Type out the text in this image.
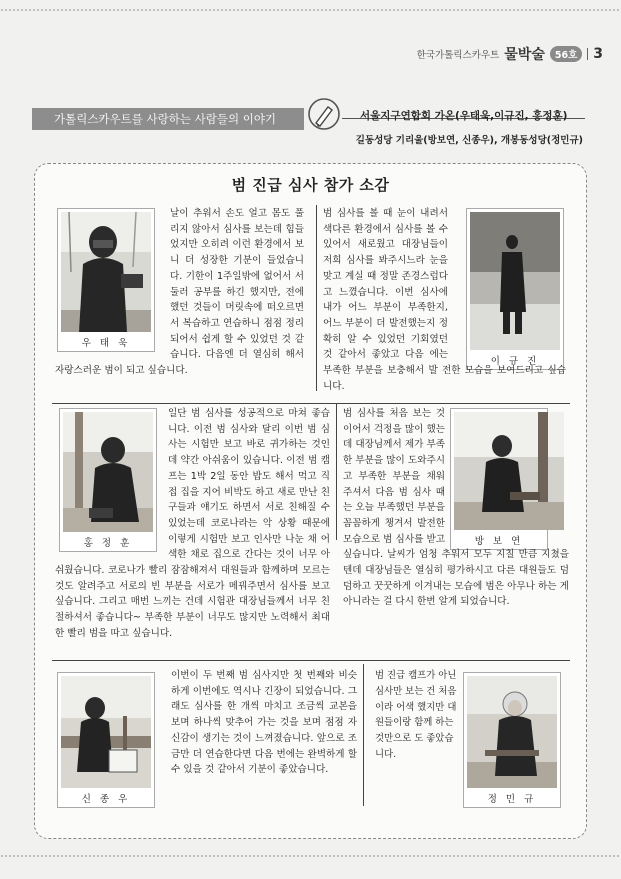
한국가톨릭스카우트 물박술	56호	3
가톨릭스카우트를 사랑하는 사람들의 이야기	서울지구연합회 가온(우태욱,이규진, 홍정훈)
길동성당 기리울(방보연, 신종우), 개봉동성당(정민규)
범 진급 심사 참가 소감
우 태 욱
날이 추워서 손도 얼고 몸도 풀리지 않아서 심사를 보는데 힘들었지만 오히려 이런 환경에서 보니 더 성장한 기분이 들었습니다. 기한이 1주일밖에 없어서 서둘러 공부를 하긴 했지만, 전에 했던 것들이 머릿속에 떠오르면서 복습하고 연습하니 점점 정리되어서 쉽게 할 수 있었던 것 같습니다. 다음엔 더 열심히 해서 자랑스러운 범이 되고 싶습니다.
이 규 진
범 심사를 볼 때 눈이 내려서 색다른 환경에서 심사를 볼 수 있어서 새로웠고 대장님들이 저희 심사를 봐주시느라 눈을 맞고 계실 때 정말 존경스럽다고 느꼈습니다. 이번 심사에 내가 어느 부분이 부족한지, 어느 부분이 더 발전했는지 정확히 알 수 있었던 기회였던 것 같아서 좋았고 다음 에는 부족한 부분을 보충해서 발 전한 모습을 보여드리고 싶습니다.
홍 정 훈
일단 범 심사를 성공적으로 마쳐 좋습니다. 이전 범 심사와 달리 이번 범 심사는 시험만 보고 바로 귀가하는 것인데 약간 아쉬움이 있습니다. 이전 범 캠프는 1박 2일 동안 밥도 해서 먹고 직접 집을 지어 비박도 하고 새로 만난 친구들과 얘기도 하면서 서로 친해질 수 있었는데 코로나라는 악 상황 때문에 이렇게 시험만 보고 인사만 나눈 채 어색한 채로 집으로 간다는 것이 너무 아쉬웠습니다. 코로나가 빨리 잠잠해져서 대원들과 함께하며 모르는 것도 알려주고 서로의 빈 부분을 서로가 메꿔주면서 심사를 보고 싶습니다. 그리고 매번 느끼는 건데 시험관 대장님들께서 너무 친절하셔서 좋습니다~ 부족한 부분이 너무도 많지만 노력해서 최대한 빨리 범을 따고 싶습니다.
방 보 연
범 심사를 처음 보는 것이어서 걱정을 많이 했는데 대장님께서 제가 부족한 부분을 많이 도와주시고 부족한 부분을 채워 주셔서 다음 범 심사 때는 오늘 부족했던 부분을 꼼꼼하게 챙겨서 발전한 모습으로 범 심사를 받고 싶습니다. 날씨가 엄청 추워서 모두 지칠 만큼 지쳤을 텐데 대장님들은 열심히 평가하시고 다른 대원들도 덤덤하고 꿋꿋하게 이겨내는 모습에 범은 아무나 하는 게 아니라는 걸 다시 한번 알게 되었습니다.
신 종 우
이번이 두 번째 범 심사지만 첫 번째와 비슷하게 이번에도 역시나 긴장이 되었습니다. 그래도 심사를 한 개씩 마치고 조금씩 교본을 보며 하나씩 맞추어 가는 것을 보며 점점 자신감이 생기는 것이 느껴졌습니다. 앞으로 조금만 더 연습한다면 다음 번에는 완벽하게 할 수 있을 것 같아서 기분이 좋았습니다.
정 민 규
범 진급 캠프가 아닌 심사만 보는 건 처음이라 어색 했지만 대원들이랑 함께 하는 것만으로 도 좋았습니다.
